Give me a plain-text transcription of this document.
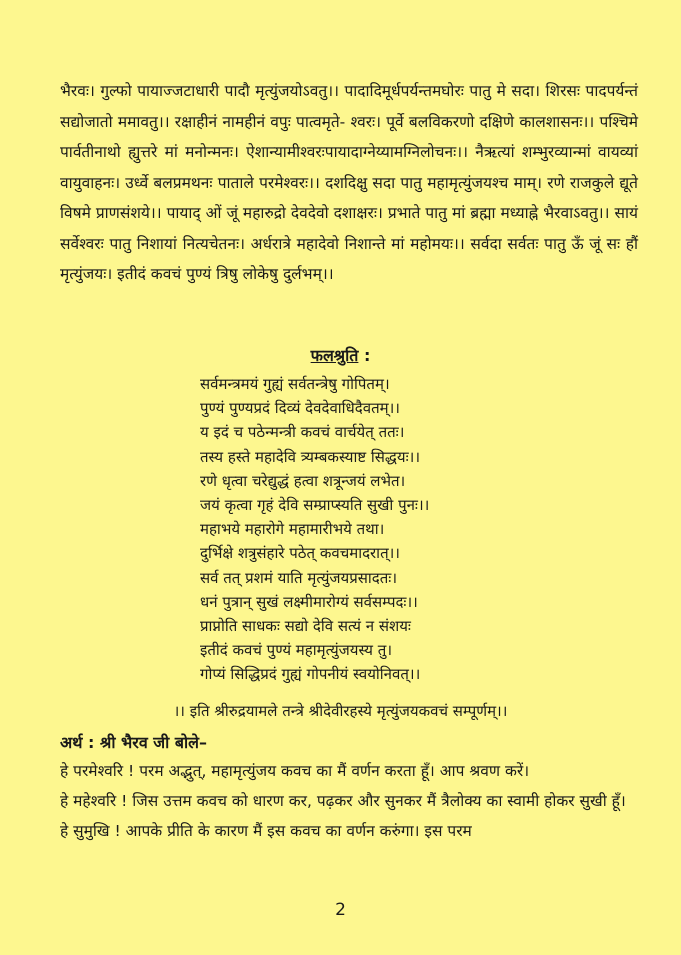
भैरवः। गुल्फो पायाज्जटाधारी पादौ मृत्युंजयोऽवतु।। पादादिमूर्धपर्यन्तमघोरः पातु मे सदा। शिरसः पादपर्यन्तं सद्योजातो ममावतु।। रक्षाहीनं नामहीनं वपुः पात्वमृते- श्वरः। पूर्वे बलविकरणो दक्षिणे कालशासनः।। पश्चिमे पार्वतीनाथो ह्युत्तरे मां मनोन्मनः। ऐशान्यामीश्वरःपायादाग्नेय्यामग्निलोचनः।। नैऋत्यां शम्भुरव्यान्मां वायव्यां वायुवाहनः। उर्ध्वे बलप्रमथनः पाताले परमेश्वरः।। दशदिक्षु सदा पातु महामृत्युंजयश्च माम्। रणे राजकुले द्यूते विषमे प्राणसंशये।। पायाद् ओं जूं महारुद्रो देवदेवो दशाक्षरः। प्रभाते पातु मां ब्रह्मा मध्याह्ने भैरवाऽवतु।। सायं सर्वेश्वरः पातु निशायां नित्यचेतनः। अर्धरात्रे महादेवो निशान्ते मां महोमयः।। सर्वदा सर्वतः पातु ऊँ जूं सः हौं मृत्युंजयः। इतीदं कवचं पुण्यं त्रिषु लोकेषु दुर्लभम्।।

फलश्रुति :
सर्वमन्त्रमयं गुह्यं सर्वतन्त्रेषु गोपितम्।
पुण्यं पुण्यप्रदं दिव्यं देवदेवाधिदैवतम्।।
य इदं च पठेन्मन्त्री कवचं वार्चयेत् ततः।
तस्य हस्ते महादेवि त्र्यम्बकस्याष्ट सिद्धयः।।
रणे धृत्वा चरेद्युद्धं हत्वा शत्रून्जयं लभेत।
जयं कृत्वा गृहं देवि सम्प्राप्स्यति सुखी पुनः।।
महाभये महारोगे महामारीभये तथा।
दुर्भिक्षे शत्रुसंहारे पठेत् कवचमादरात्।।
सर्व तत् प्रशमं याति मृत्युंजयप्रसादतः।
धनं पुत्रान् सुखं लक्ष्मीमारोग्यं सर्वसम्पदः।।
प्राप्नोति साधकः सद्यो देवि सत्यं न संशयः
इतीदं कवचं पुण्यं महामृत्युंजयस्य तु।
गोप्यं सिद्धिप्रदं गुह्यं गोपनीयं स्वयोनिवत्।।
।। इति श्रीरुद्रयामले तन्त्रे श्रीदेवीरहस्ये मृत्युंजयकवचं सम्पूर्णम्।।
अर्थ : श्री भैरव जी बोले–

हे परमेश्वरि ! परम अद्भुत्, महामृत्युंजय कवच का मैं वर्णन करता हूँ। आप श्रवण करें।

हे महेश्वरि ! जिस उत्तम कवच को धारण कर, पढ़कर और सुनकर मैं त्रैलोक्य का स्वामी होकर सुखी हूँ।

हे सुमुखि ! आपके प्रीति के कारण मैं इस कवच का वर्णन करुंगा। इस परम

2
